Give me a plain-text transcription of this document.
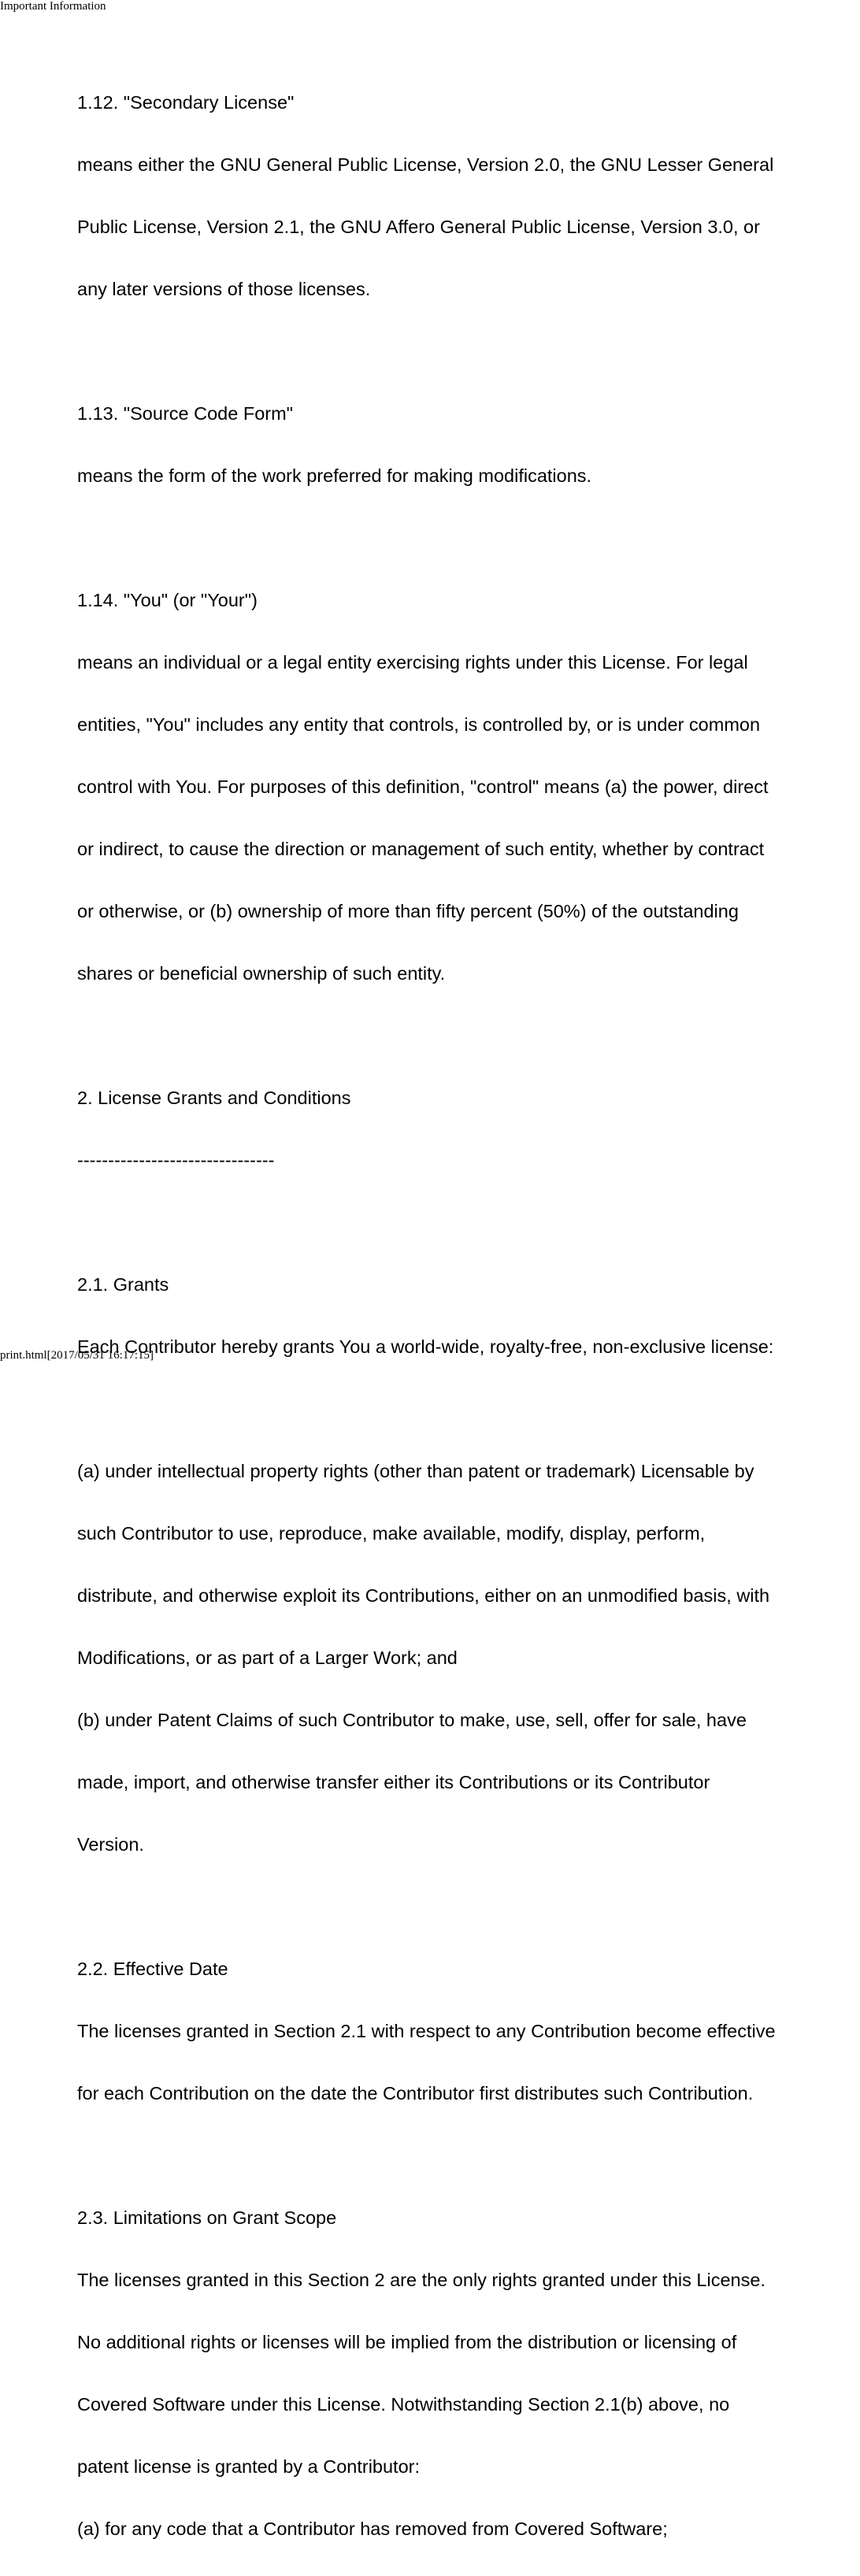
Important Information

1.12. "Secondary License"

means either the GNU General Public License, Version 2.0, the GNU Lesser General

Public License, Version 2.1, the GNU Affero General Public License, Version 3.0, or

any later versions of those licenses.

1.13. "Source Code Form"

means the form of the work preferred for making modifications.

1.14. "You" (or "Your")

means an individual or a legal entity exercising rights under this License. For legal

entities, "You" includes any entity that controls, is controlled by, or is under common

control with You. For purposes of this definition, "control" means (a) the power, direct

or indirect, to cause the direction or management of such entity, whether by contract

or otherwise, or (b) ownership of more than fifty percent (50%) of the outstanding

shares or beneficial ownership of such entity.

2. License Grants and Conditions

--------------------------------

2.1. Grants

Each Contributor hereby grants You a world-wide, royalty-free, non-exclusive license:

(a) under intellectual property rights (other than patent or trademark) Licensable by

such Contributor to use, reproduce, make available, modify, display, perform,

distribute, and otherwise exploit its Contributions, either on an unmodified basis, with

Modifications, or as part of a Larger Work; and

(b) under Patent Claims of such Contributor to make, use, sell, offer for sale, have

made, import, and otherwise transfer either its Contributions or its Contributor

Version.

2.2. Effective Date

The licenses granted in Section 2.1 with respect to any Contribution become effective

for each Contribution on the date the Contributor first distributes such Contribution.

2.3. Limitations on Grant Scope

The licenses granted in this Section 2 are the only rights granted under this License.

No additional rights or licenses will be implied from the distribution or licensing of

Covered Software under this License. Notwithstanding Section 2.1(b) above, no

patent license is granted by a Contributor:

(a) for any code that a Contributor has removed from Covered Software;

print.html[2017/05/31 16:17:15]
